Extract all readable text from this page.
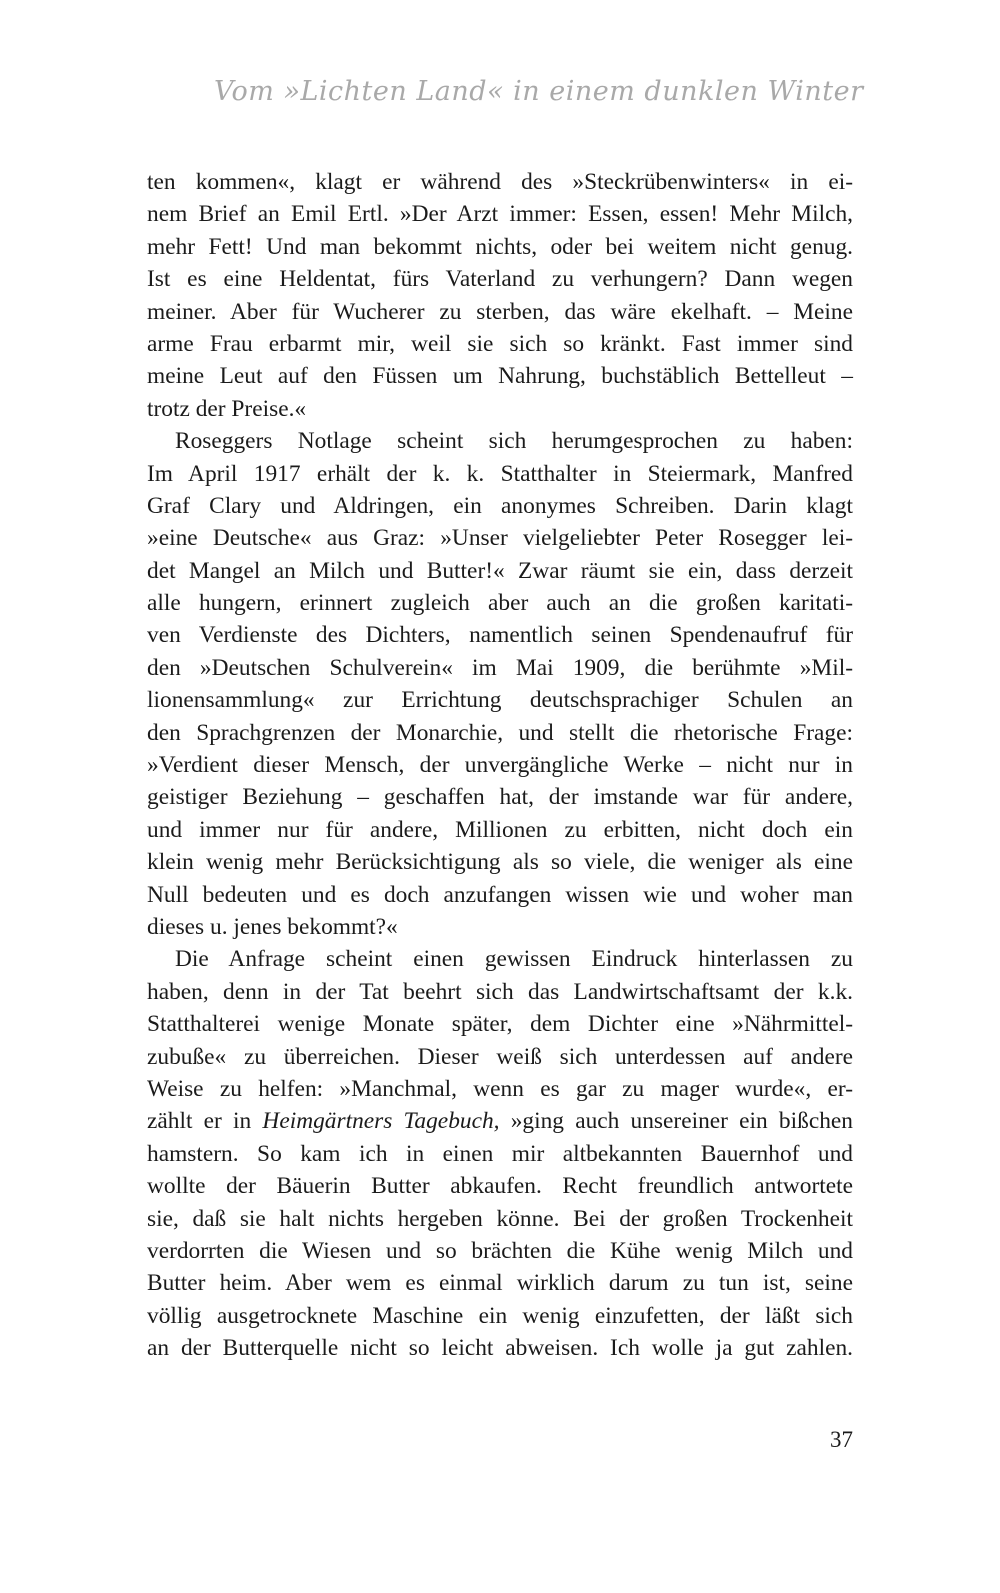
Vom »Lichten Land« in einem dunklen Winter
ten kommen«, klagt er während des »Steckrübenwinters« in ei-
nem Brief an Emil Ertl. »Der Arzt immer: Essen, essen! Mehr Milch,
mehr Fett! Und man bekommt nichts, oder bei weitem nicht genug.
Ist es eine Heldentat, fürs Vaterland zu verhungern? Dann wegen
meiner. Aber für Wucherer zu sterben, das wäre ekelhaft. – Meine
arme Frau erbarmt mir, weil sie sich so kränkt. Fast immer sind
meine Leut auf den Füssen um Nahrung, buchstäblich Bettelleut –
trotz der Preise.«
Roseggers Notlage scheint sich herumgesprochen zu haben:
Im April 1917 erhält der k. k. Statthalter in Steiermark, Manfred
Graf Clary und Aldringen, ein anonymes Schreiben. Darin klagt
»eine Deutsche« aus Graz: »Unser vielgeliebter Peter Rosegger lei-
det Mangel an Milch und Butter!« Zwar räumt sie ein, dass derzeit
alle hungern, erinnert zugleich aber auch an die großen karitati-
ven Verdienste des Dichters, namentlich seinen Spendenaufruf für
den »Deutschen Schulverein« im Mai 1909, die berühmte »Mil-
lionensammlung« zur Errichtung deutschsprachiger Schulen an
den Sprachgrenzen der Monarchie, und stellt die rhetorische Frage:
»Verdient dieser Mensch, der unvergängliche Werke – nicht nur in
geistiger Beziehung – geschaffen hat, der imstande war für andere,
und immer nur für andere, Millionen zu erbitten, nicht doch ein
klein wenig mehr Berücksichtigung als so viele, die weniger als eine
Null bedeuten und es doch anzufangen wissen wie und woher man
dieses u. jenes bekommt?«
Die Anfrage scheint einen gewissen Eindruck hinterlassen zu
haben, denn in der Tat beehrt sich das Landwirtschaftsamt der k.k.
Statthalterei wenige Monate später, dem Dichter eine »Nährmittel-
zubuße« zu überreichen. Dieser weiß sich unterdessen auf andere
Weise zu helfen: »Manchmal, wenn es gar zu mager wurde«, er-
zählt er in Heimgärtners Tagebuch, »ging auch unsereiner ein bißchen
hamstern. So kam ich in einen mir altbekannten Bauernhof und
wollte der Bäuerin Butter abkaufen. Recht freundlich antwortete
sie, daß sie halt nichts hergeben könne. Bei der großen Trockenheit
verdorrten die Wiesen und so brächten die Kühe wenig Milch und
Butter heim. Aber wem es einmal wirklich darum zu tun ist, seine
völlig ausgetrocknete Maschine ein wenig einzufetten, der läßt sich
an der Butterquelle nicht so leicht abweisen. Ich wolle ja gut zahlen.
37
